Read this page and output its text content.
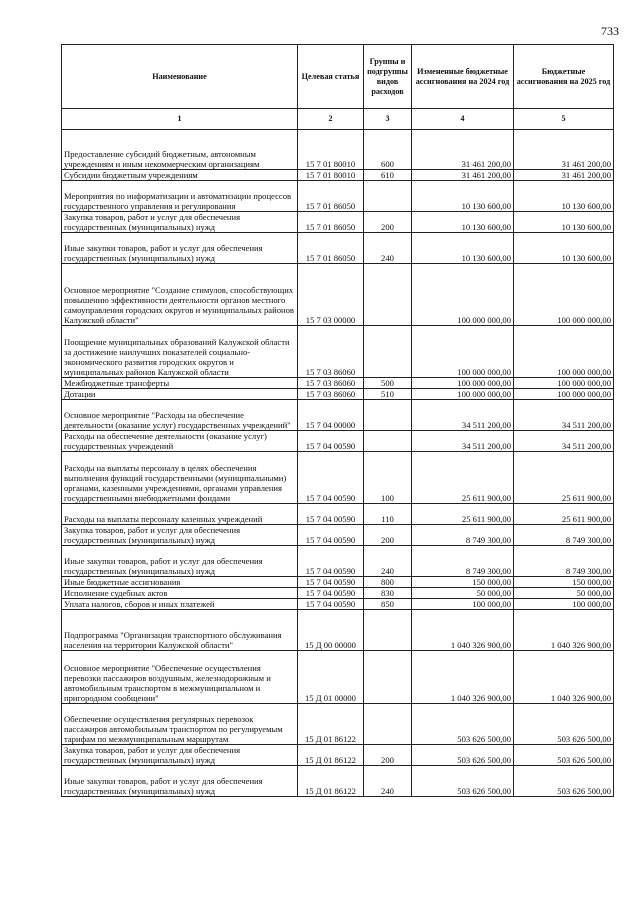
733
Наименование	Целевая статья	Группы и подгруппы видов расходов	Измененные бюджетные ассигнования на 2024 год	Бюджетные ассигнования на 2025 год
1	2	3	4	5
Предоставление субсидий бюджетным, автономным учреждениям и иным некоммерческим организациям	15 7 01 80010	600	31 461 200,00	31 461 200,00
Субсидии бюджетным учреждениям	15 7 01 80010	610	31 461 200,00	31 461 200,00
Мероприятия по информатизации и автоматизации процессов государственного управления и регулирования	15 7 01 86050		10 130 600,00	10 130 600,00
Закупка товаров, работ и услуг для обеспечения государственных (муниципальных) нужд	15 7 01 86050	200	10 130 600,00	10 130 600,00
Иные закупки товаров, работ и услуг для обеспечения государственных (муниципальных) нужд	15 7 01 86050	240	10 130 600,00	10 130 600,00
Основное мероприятие "Создание стимулов, способствующих повышению эффективности деятельности органов местного самоуправления городских округов и муниципальных районов Калужской области"	15 7 03 00000		100 000 000,00	100 000 000,00
Поощрение муниципальных образований Калужской области за достижение наилучших показателей социально-экономического развития городских округов и муниципальных районов Калужской области	15 7 03 86060		100 000 000,00	100 000 000,00
Межбюджетные трансферты	15 7 03 86060	500	100 000 000,00	100 000 000,00
Дотации	15 7 03 86060	510	100 000 000,00	100 000 000,00
Основное мероприятие "Расходы на обеспечение деятельности (оказание услуг) государственных учреждений"	15 7 04 00000		34 511 200,00	34 511 200,00
Расходы на обеспечение деятельности (оказание услуг) государственных учреждений	15 7 04 00590		34 511 200,00	34 511 200,00
Расходы на выплаты персоналу в целях обеспечения выполнения функций государственными (муниципальными) органами, казенными учреждениями, органами управления государственными внебюджетными фондами	15 7 04 00590	100	25 611 900,00	25 611 900,00
Расходы на выплаты персоналу казенных учреждений	15 7 04 00590	110	25 611 900,00	25 611 900,00
Закупка товаров, работ и услуг для обеспечения государственных (муниципальных) нужд	15 7 04 00590	200	8 749 300,00	8 749 300,00
Иные закупки товаров, работ и услуг для обеспечения государственных (муниципальных) нужд	15 7 04 00590	240	8 749 300,00	8 749 300,00
Иные бюджетные ассигнования	15 7 04 00590	800	150 000,00	150 000,00
Исполнение судебных актов	15 7 04 00590	830	50 000,00	50 000,00
Уплата налогов, сборов и иных платежей	15 7 04 00590	850	100 000,00	100 000,00
Подпрограмма "Организация транспортного обслуживания населения на территории Калужской области"	15 Д 00 00000		1 040 326 900,00	1 040 326 900,00
Основное мероприятие "Обеспечение осуществления перевозки пассажиров воздушным, железнодорожным и автомобильным транспортом в межмуниципальном и пригородном сообщении"	15 Д 01 00000		1 040 326 900,00	1 040 326 900,00
Обеспечение осуществления регулярных перевозок пассажиров автомобильным транспортом по регулируемым тарифам по межмуниципальным маршрутам	15 Д 01 86122		503 626 500,00	503 626 500,00
Закупка товаров, работ и услуг для обеспечения государственных (муниципальных) нужд	15 Д 01 86122	200	503 626 500,00	503 626 500,00
Иные закупки товаров, работ и услуг для обеспечения государственных (муниципальных) нужд	15 Д 01 86122	240	503 626 500,00	503 626 500,00
